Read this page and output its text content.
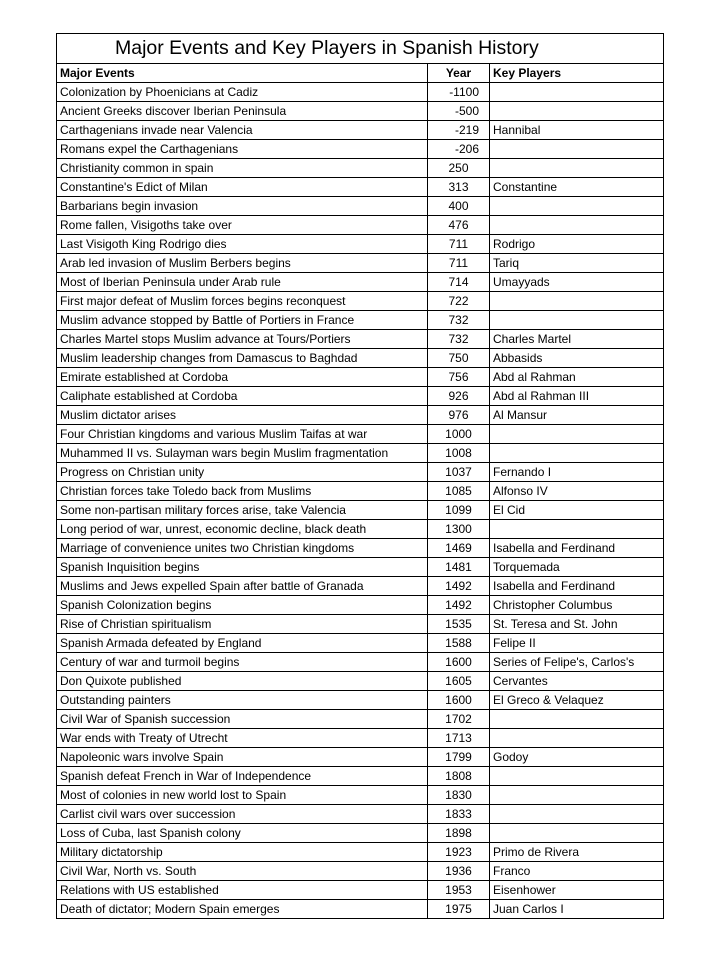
Major Events and Key Players in Spanish History		
Major Events	Year	Key Players
Colonization by Phoenicians at Cadiz	-1100	
Ancient Greeks discover Iberian Peninsula	-500	
Carthagenians invade near Valencia	-219	Hannibal
Romans expel the Carthagenians	-206	
Christianity common in spain	250	
Constantine's Edict of Milan	313	Constantine
Barbarians begin invasion	400	
Rome fallen, Visigoths take over	476	
Last Visigoth King Rodrigo dies	711	Rodrigo
Arab led invasion of Muslim Berbers begins	711	Tariq
Most of Iberian Peninsula under Arab rule	714	Umayyads
First major defeat of Muslim forces begins reconquest	722	
Muslim advance stopped by Battle of Portiers in France	732	
Charles Martel stops Muslim advance at Tours/Portiers	732	Charles Martel
Muslim leadership changes from Damascus to Baghdad	750	Abbasids
Emirate established at Cordoba	756	Abd al Rahman
Caliphate established at Cordoba	926	Abd al Rahman III
Muslim dictator arises	976	Al Mansur
Four Christian kingdoms and various Muslim Taifas at war	1000	
Muhammed II vs. Sulayman wars begin Muslim fragmentation	1008	
Progress on Christian unity	1037	Fernando I
Christian forces take Toledo back from Muslims	1085	Alfonso IV
Some non-partisan military forces arise, take Valencia	1099	El Cid
Long period of war, unrest, economic decline, black death	1300	
Marriage of convenience unites two Christian kingdoms	1469	Isabella and Ferdinand
Spanish Inquisition begins	1481	Torquemada
Muslims and Jews expelled Spain after battle of Granada	1492	Isabella and Ferdinand
Spanish Colonization begins	1492	Christopher Columbus
Rise of Christian spiritualism	1535	St. Teresa and St. John
Spanish Armada defeated by England	1588	Felipe II
Century of war and turmoil begins	1600	Series of Felipe's, Carlos's
Don Quixote published	1605	Cervantes
Outstanding painters	1600	El Greco & Velaquez
Civil War of Spanish succession	1702	
War ends with Treaty of Utrecht	1713	
Napoleonic wars involve Spain	1799	Godoy
Spanish defeat French in War of Independence	1808	
Most of colonies in new world lost to Spain	1830	
Carlist civil wars over succession	1833	
Loss of Cuba, last Spanish colony	1898	
Military dictatorship	1923	Primo de Rivera
Civil War, North vs. South	1936	Franco
Relations with US established	1953	Eisenhower
Death of dictator; Modern Spain emerges	1975	Juan Carlos I
